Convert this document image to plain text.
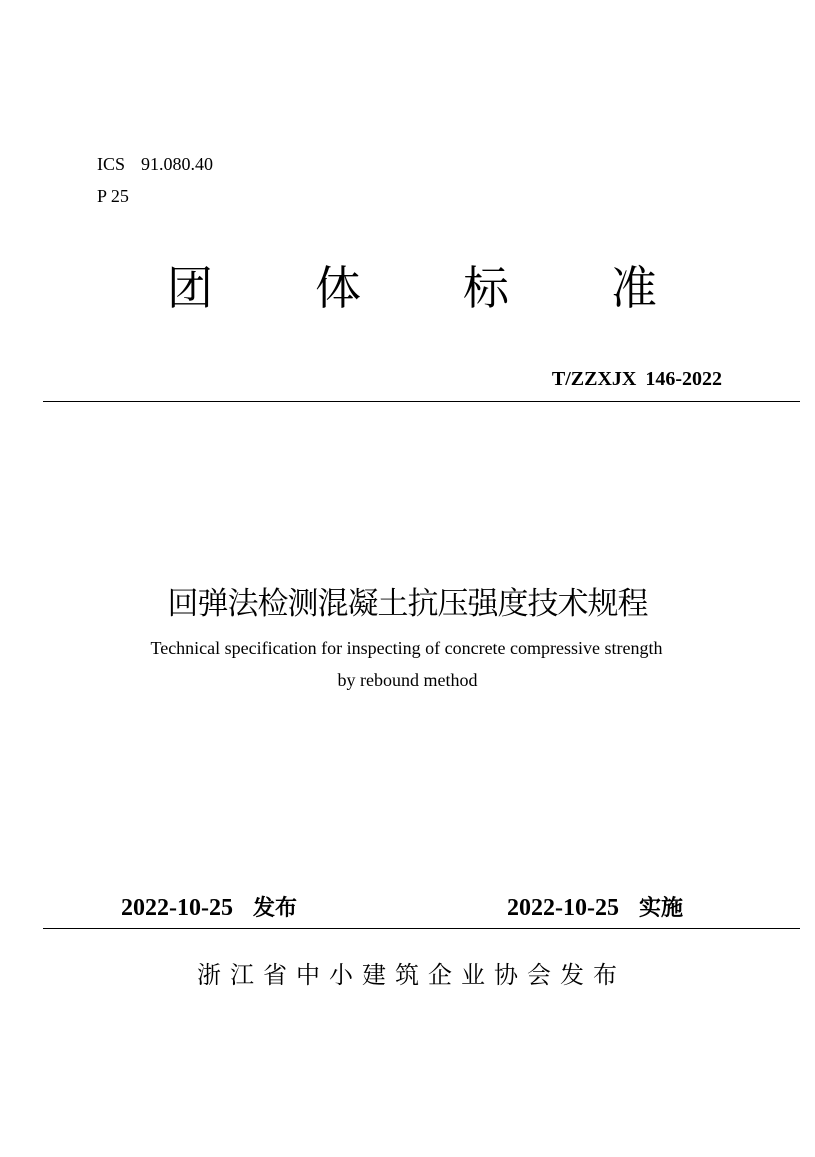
ICS 91.080.40
P 25
团 体 标 准
T/ZZXJX 146-2022
回弹法检测混凝土抗压强度技术规程
Technical specification for inspecting of concrete compressive strength
by rebound method
2022-10-25 发布	2022-10-25 实施
浙江省中小建筑企业协会发布
